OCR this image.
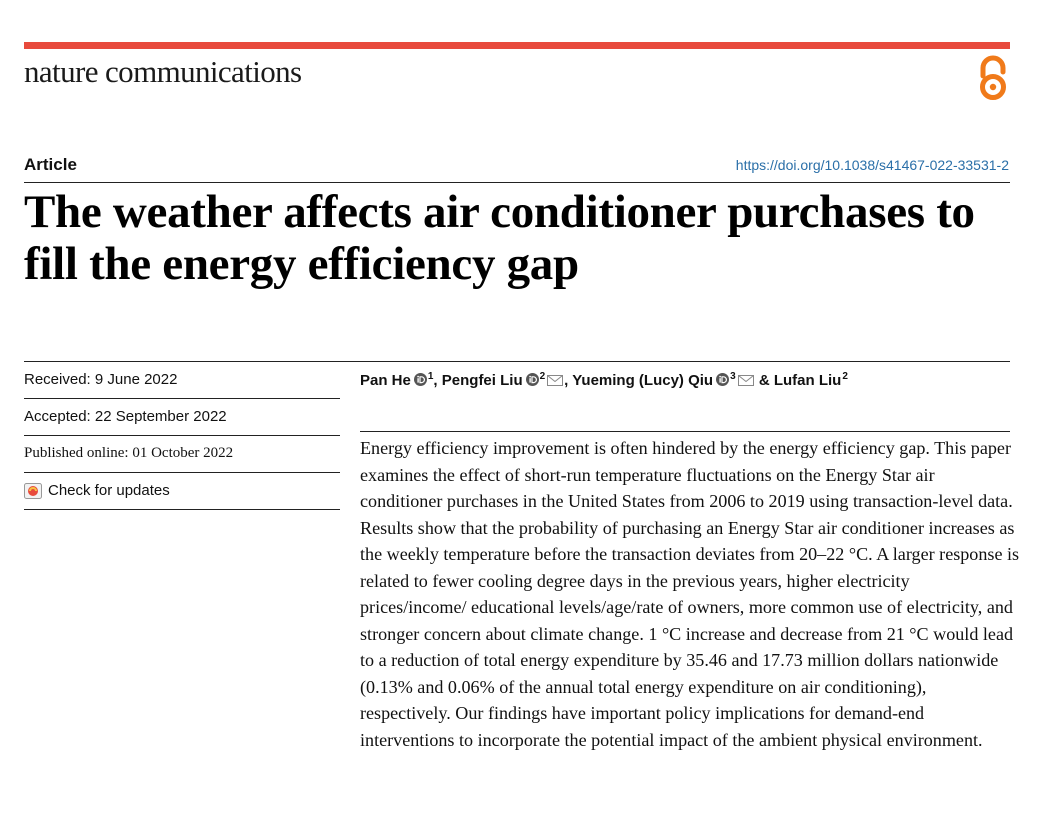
nature communications
Article	https://doi.org/10.1038/s41467-022-33531-2
The weather affects air conditioner purchases to fill the energy efficiency gap
Received: 9 June 2022
Accepted: 22 September 2022
Published online: 01 October 2022
Check for updates
Pan He $^1$, Pengfei Liu $^2$ , Yueming (Lucy) Qiu $^3$ & Lufan Liu$^2$

Energy efficiency improvement is often hindered by the energy efficiency gap. This paper examines the effect of short-run temperature fluctuations on the Energy Star air conditioner purchases in the United States from 2006 to 2019 using transaction-level data. Results show that the probability of purchasing an Energy Star air conditioner increases as the weekly temperature before the transaction deviates from 20–22 °C. A larger response is related to fewer cooling degree days in the previous years, higher electricity prices/income/ educational levels/age/rate of owners, more common use of electricity, and stronger concern about climate change. 1 °C increase and decrease from 21 °C would lead to a reduction of total energy expenditure by 35.46 and 17.73 million dollars nationwide (0.13% and 0.06% of the annual total energy expenditure on air conditioning), respectively. Our findings have important policy implications for demand-end interventions to incorporate the potential impact of the ambient physical environment.
